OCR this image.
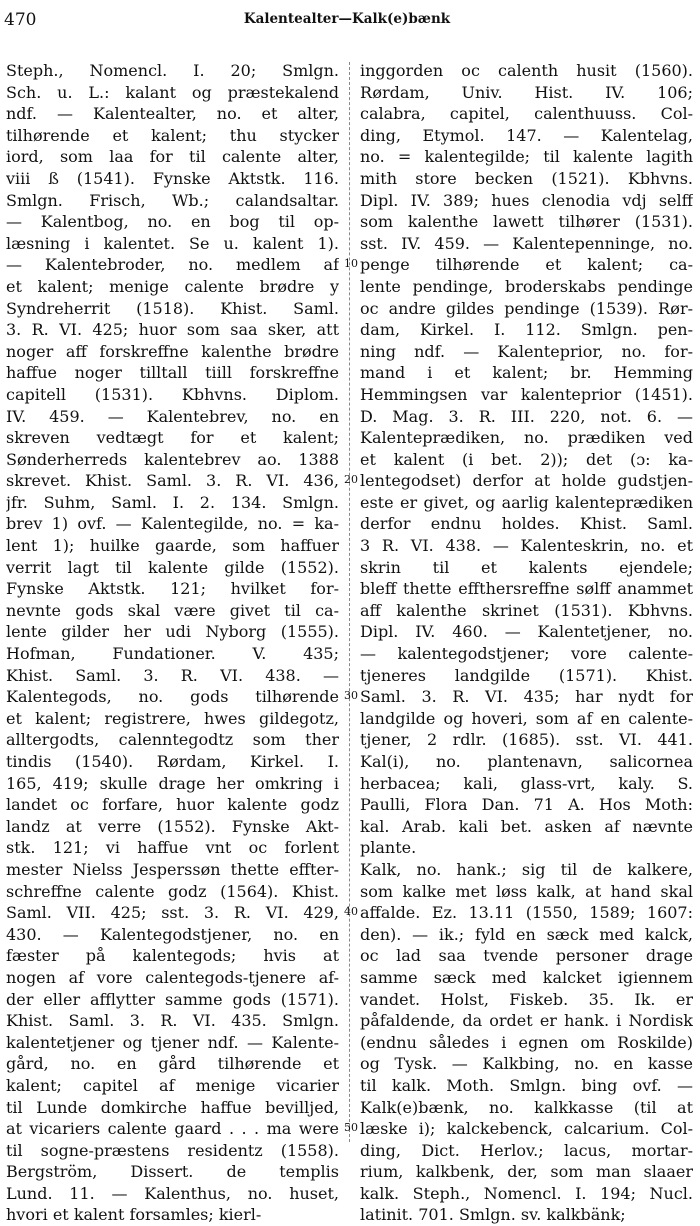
470	Kalentealter—Kalk(e)bænk
10
20
30
40
50
Steph., Nomencl. I. 20; Smlgn.
Sch. u. L.: kalant og præstekalend
ndf. — Kalentealter, no. et alter,
tilhørende et kalent; thu stycker
iord, som laa for til calente alter,
viii ß (1541). Fynske Aktstk. 116.
Smlgn. Frisch, Wb.; calandsaltar.
— Kalentbog, no. en bog til op-
læsning i kalentet. Se u. kalent 1).
— Kalentebroder, no. medlem af
et kalent; menige calente brødre y
Syndreherrit (1518). Khist. Saml.
3. R. VI. 425; huor som saa sker, att
noger aff forskreffne kalenthe brødre
haffue noger tilltall tiill forskreffne
capitell (1531). Kbhvns. Diplom.
IV. 459. — Kalentebrev, no. en
skreven vedtægt for et kalent;
Sønderherreds kalentebrev ao. 1388
skrevet. Khist. Saml. 3. R. VI. 436,
jfr. Suhm, Saml. I. 2. 134. Smlgn.
brev 1) ovf. — Kalentegilde, no. = ka-
lent 1); huilke gaarde, som haffuer
verrit lagt til kalente gilde (1552).
Fynske Aktstk. 121; hvilket for-
nevnte gods skal være givet til ca-
lente gilder her udi Nyborg (1555).
Hofman, Fundationer. V. 435;
Khist. Saml. 3. R. VI. 438. —
Kalentegods, no. gods tilhørende
et kalent; registrere, hwes gildegotz,
alltergodts, calenntegodtz som ther
tindis (1540). Rørdam, Kirkel. I.
165, 419; skulle drage her omkring i
landet oc forfare, huor kalente godz
landz at verre (1552). Fynske Akt-
stk. 121; vi haffue vnt oc forlent
mester Nielss Jesperssøn thette effter-
schreffne calente godz (1564). Khist.
Saml. VII. 425; sst. 3. R. VI. 429,
430. — Kalentegodstjener, no. en
fæster på kalentegods; hvis at
nogen af vore calentegods-tjenere af-
der eller afflytter samme gods (1571).
Khist. Saml. 3. R. VI. 435. Smlgn.
kalentetjener og tjener ndf. — Kalente-
gård, no. en gård tilhørende et
kalent; capitel af menige vicarier
til Lunde domkirche haffue bevilljed,
at vicariers calente gaard . . . ma were
til sogne-præstens residentz (1558).
Bergström, Dissert. de templis
Lund. 11. — Kalenthus, no. huset,
hvori et kalent forsamles; kierl-
inggorden oc calenth husit (1560).
Rørdam, Univ. Hist. IV. 106;
calabra, capitel, calenthuuss. Col-
ding, Etymol. 147. — Kalentelag,
no. = kalentegilde; til kalente lagith
mith store becken (1521). Kbhvns.
Dipl. IV. 389; hues clenodia vdj selff
som kalenthe lawett tilhører (1531).
sst. IV. 459. — Kalentepenninge, no.
penge tilhørende et kalent; ca-
lente pendinge, broderskabs pendinge
oc andre gildes pendinge (1539). Rør-
dam, Kirkel. I. 112. Smlgn. pen-
ning ndf. — Kalenteprior, no. for-
mand i et kalent; br. Hemming
Hemmingsen var kalenteprior (1451).
D. Mag. 3. R. III. 220, not. 6. —
Kalenteprædiken, no. prædiken ved
et kalent (i bet. 2)); det (ɔ: ka-
lentegodset) derfor at holde gudstjen-
este er givet, og aarlig kalenteprædiken
derfor endnu holdes. Khist. Saml.
3 R. VI. 438. — Kalenteskrin, no. et
skrin til et kalents ejendele;
bleff thette effthersreffne sølff anammet
aff kalenthe skrinet (1531). Kbhvns.
Dipl. IV. 460. — Kalentetjener, no.
— kalentegodstjener; vore calente-
tjeneres landgilde (1571). Khist.
Saml. 3. R. VI. 435; har nydt for
landgilde og hoveri, som af en calente-
tjener, 2 rdlr. (1685). sst. VI. 441.
Kal(i), no. plantenavn, salicornea
herbacea; kali, glass-vrt, kaly. S.
Paulli, Flora Dan. 71 A. Hos Moth:
kal. Arab. kali bet. asken af nævnte
plante.
Kalk, no. hank.; sig til de kalkere,
som kalke met løss kalk, at hand skal
affalde. Ez. 13.11 (1550, 1589; 1607:
den). — ik.; fyld en sæck med kalck,
oc lad saa tvende personer drage
samme sæck med kalcket igiennem
vandet. Holst, Fiskeb. 35. Ik. er
påfaldende, da ordet er hank. i Nordisk
(endnu således i egnen om Roskilde)
og Tysk. — Kalkbing, no. en kasse
til kalk. Moth. Smlgn. bing ovf. —
Kalk(e)bænk, no. kalkkasse (til at
læske i); kalckebenck, calcarium. Col-
ding, Dict. Herlov.; lacus, mortar-
rium, kalkbenk, der, som man slaaer
kalk. Steph., Nomencl. I. 194; Nucl.
latinit. 701. Smlgn. sv. kalkbänk;
